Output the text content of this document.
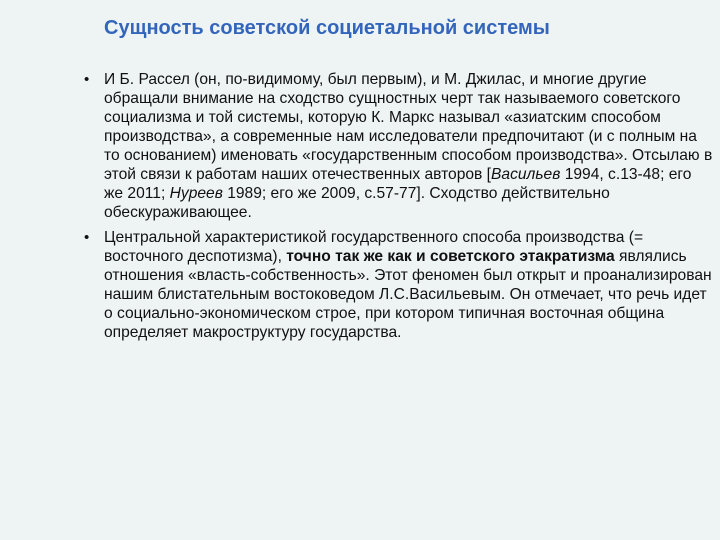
Сущность советской социетальной системы
• И Б. Рассел (он, по-видимому, был первым), и М. Джилас, и многие другие обращали внимание на сходство сущностных черт так называемого советского социализма и той системы, которую К. Маркс называл «азиатским способом производства», а современные нам исследователи предпочитают (и с полным на то основанием) именовать «государственным способом производства». Отсылаю в этой связи к работам наших отечественных авторов [Васильев 1994, с.13-48; его же 2011; Нуреев 1989; его же 2009, с.57-77]. Сходство действительно обескураживающее.
• Центральной характеристикой государственного способа производства (= восточного деспотизма), точно так же как и советского этакратизма являлись отношения «власть-собственность». Этот феномен был открыт и проанализирован нашим блистательным востоковедом Л.С.Васильевым. Он отмечает, что речь идет о социально-экономическом строе, при котором типичная восточная община определяет макроструктуру государства.
